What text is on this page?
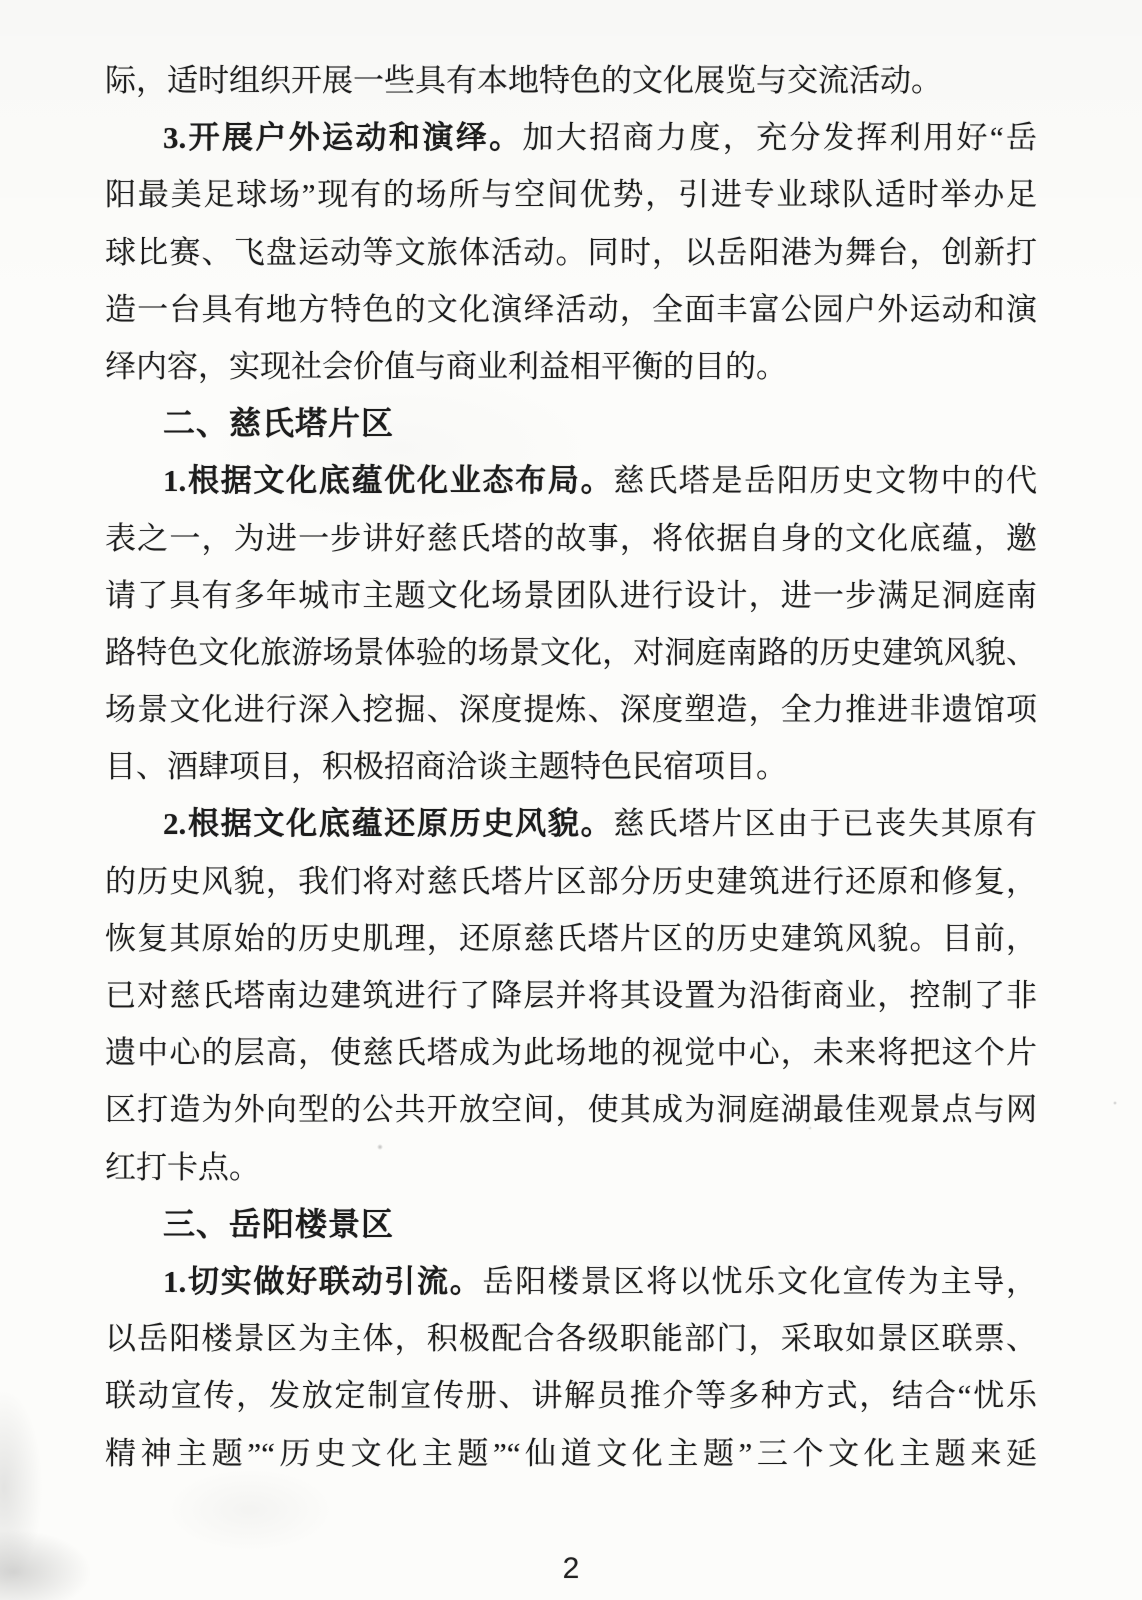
际，适时组织开展一些具有本地特色的文化展览与交流活动。
3.开展户外运动和演绎。加大招商力度，充分发挥利用好“岳
阳最美足球场”现有的场所与空间优势，引进专业球队适时举办足
球比赛、飞盘运动等文旅体活动。同时，以岳阳港为舞台，创新打
造一台具有地方特色的文化演绎活动，全面丰富公园户外运动和演
绎内容，实现社会价值与商业利益相平衡的目的。
二、慈氏塔片区
1.根据文化底蕴优化业态布局。慈氏塔是岳阳历史文物中的代
表之一，为进一步讲好慈氏塔的故事，将依据自身的文化底蕴，邀
请了具有多年城市主题文化场景团队进行设计，进一步满足洞庭南
路特色文化旅游场景体验的场景文化，对洞庭南路的历史建筑风貌、
场景文化进行深入挖掘、深度提炼、深度塑造，全力推进非遗馆项
目、酒肆项目，积极招商洽谈主题特色民宿项目。
2.根据文化底蕴还原历史风貌。慈氏塔片区由于已丧失其原有
的历史风貌，我们将对慈氏塔片区部分历史建筑进行还原和修复，
恢复其原始的历史肌理，还原慈氏塔片区的历史建筑风貌。目前，
已对慈氏塔南边建筑进行了降层并将其设置为沿街商业，控制了非
遗中心的层高，使慈氏塔成为此场地的视觉中心，未来将把这个片
区打造为外向型的公共开放空间，使其成为洞庭湖最佳观景点与网
红打卡点。
三、岳阳楼景区
1.切实做好联动引流。岳阳楼景区将以忧乐文化宣传为主导，
以岳阳楼景区为主体，积极配合各级职能部门，采取如景区联票、
联动宣传，发放定制宣传册、讲解员推介等多种方式，结合“忧乐
精神主题”“历史文化主题”“仙道文化主题”三个文化主题来延
2
